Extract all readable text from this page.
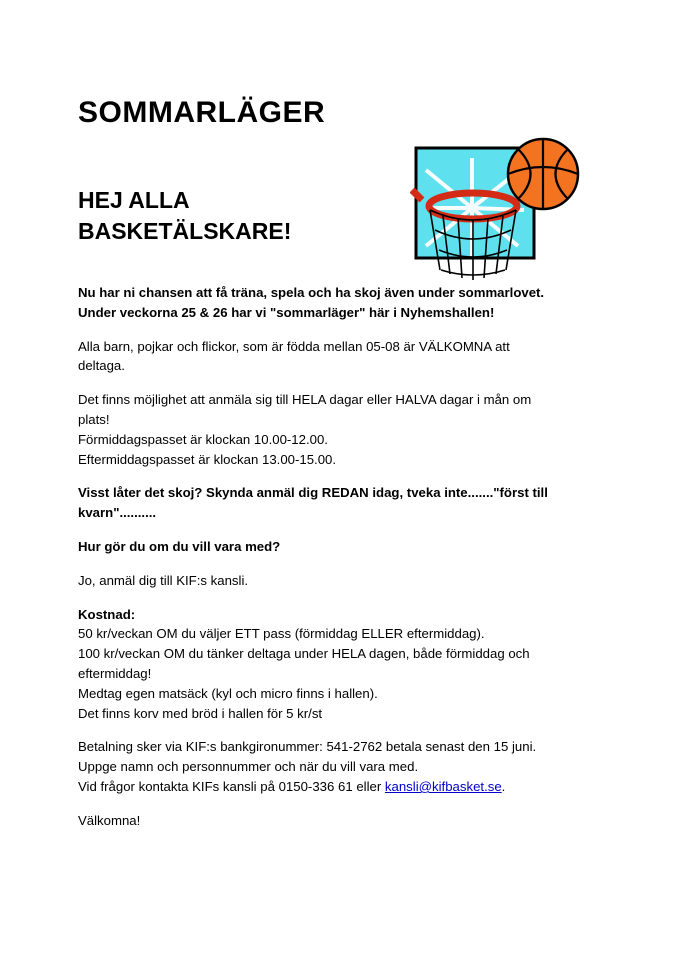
SOMMARLÄGER
HEJ ALLA
BASKETÄLSKARE!

Nu har ni chansen att få träna, spela och ha skoj även under sommarlovet.
Under veckorna 25 & 26 har vi "sommarläger" här i Nyhemshallen!

Alla barn, pojkar och flickor, som är födda mellan 05-08 är VÄLKOMNA att
deltaga.

Det finns möjlighet att anmäla sig till HELA dagar eller HALVA dagar i mån om
plats!
Förmiddagspasset är klockan 10.00-12.00.
Eftermiddagspasset är klockan 13.00-15.00.

Visst låter det skoj? Skynda anmäl dig REDAN idag, tveka inte......."först till
kvarn"..........

Hur gör du om du vill vara med?

Jo, anmäl dig till KIF:s kansli.

Kostnad:
50 kr/veckan OM du väljer ETT pass (förmiddag ELLER eftermiddag).
100 kr/veckan OM du tänker deltaga under HELA dagen, både förmiddag och
eftermiddag!
Medtag egen matsäck (kyl och micro finns i hallen).
Det finns korv med bröd i hallen för 5 kr/st

Betalning sker via KIF:s bankgironummer: 541-2762 betala senast den 15 juni.
Uppge namn och personnummer och när du vill vara med.
Vid frågor kontakta KIFs kansli på 0150-336 61 eller kansli@kifbasket.se.

Välkomna!
